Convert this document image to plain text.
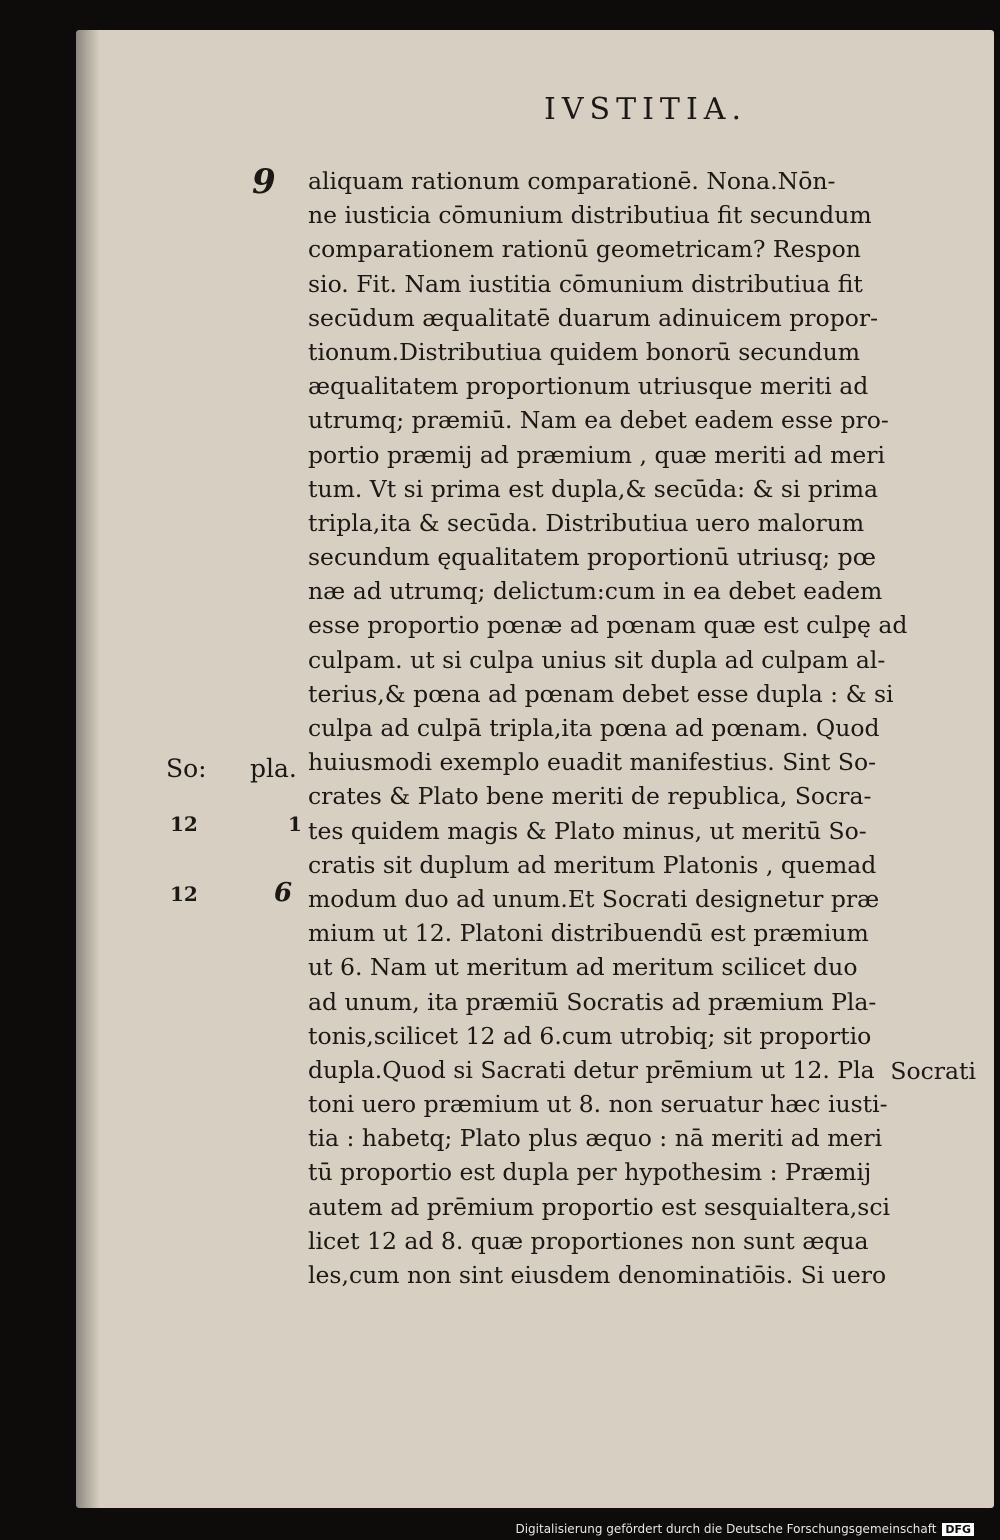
IVSTITIA.
9
So: pla.
12	1
12	6
aliquam rationum comparationē. Nona.Nōn-
ne iusticia cōmunium distributiua fit secundum
comparationem rationū geometricam? Respon
sio. Fit. Nam iustitia cōmunium distributiua fit
secūdum æqualitatē duarum adinuicem propor-
tionum.Distributiua quidem bonorū secundum
æqualitatem proportionum utriusque meriti ad
utrumq; præmiū. Nam ea debet eadem esse pro-
portio præmij ad præmium , quæ meriti ad meri
tum. Vt si prima est dupla,& secūda: & si prima
tripla,ita & secūda. Distributiua uero malorum
secundum ęqualitatem proportionū utriusq; pœ
næ ad utrumq; delictum:cum in ea debet eadem
esse proportio pœnæ ad pœnam quæ est culpę ad
culpam. ut si culpa unius sit dupla ad culpam al-
terius,& pœna ad pœnam debet esse dupla : & si
culpa ad culpā tripla,ita pœna ad pœnam. Quod
huiusmodi exemplo euadit manifestius. Sint So-
crates & Plato bene meriti de republica, Socra-
tes quidem magis & Plato minus, ut meritū So-
cratis sit duplum ad meritum Platonis , quemad
modum duo ad unum.Et Socrati designetur præ
mium ut 12. Platoni distribuendū est præmium
ut 6. Nam ut meritum ad meritum scilicet duo
ad unum, ita præmiū Socratis ad præmium Pla-
tonis,scilicet 12 ad 6.cum utrobiq; sit proportio
dupla.Quod si Sacrati detur prēmium ut 12. Pla
toni uero præmium ut 8. non seruatur hæc iusti-
tia : habetq; Plato plus æquo : nā meriti ad meri
tū proportio est dupla per hypothesim : Præmij
autem ad prēmium proportio est sesquialtera,sci
licet 12 ad 8. quæ proportiones non sunt æqua
les,cum non sint eiusdem denominatiōis. Si uero
Socrati
Digitalisierung gefördert durch die Deutsche Forschungsgemeinschaft DFG
